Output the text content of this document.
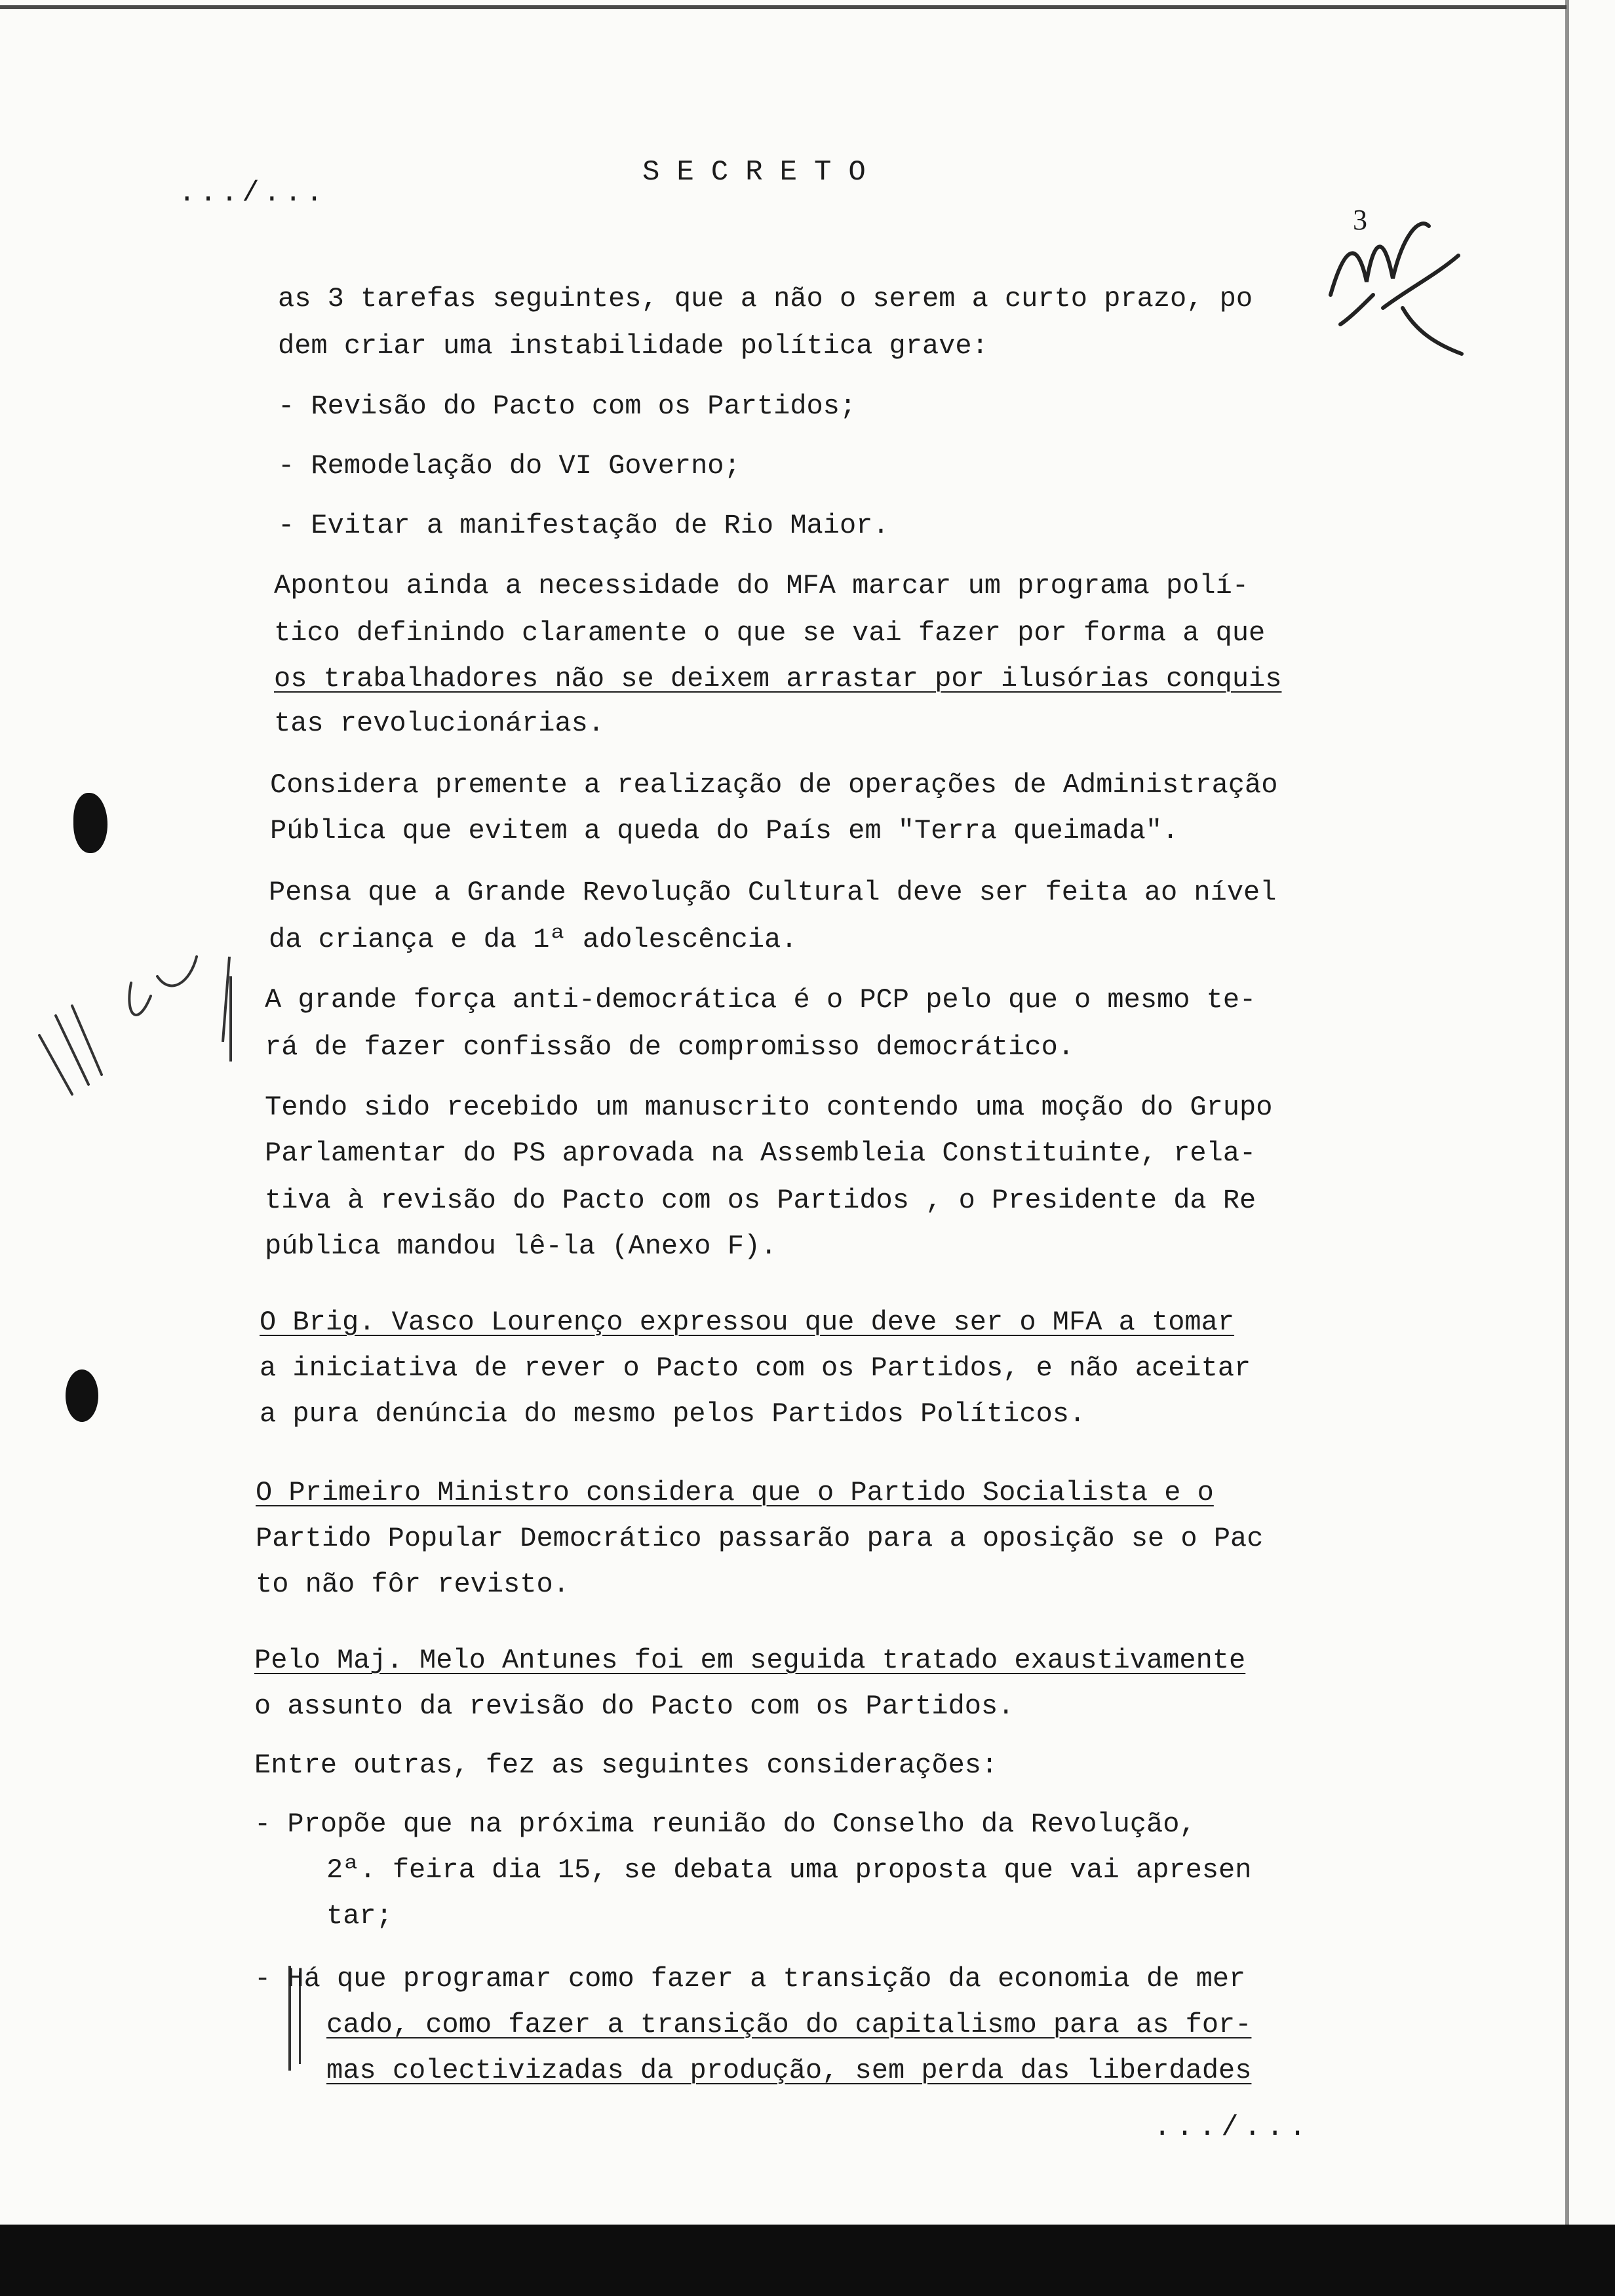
.../...
SECRETO
3
as 3 tarefas seguintes, que a não o serem a curto prazo, po
dem criar uma instabilidade política grave:
- Revisão do Pacto com os Partidos;
- Remodelação do VI Governo;
- Evitar a manifestação de Rio Maior.
Apontou ainda a necessidade do MFA marcar um programa polí-
tico definindo claramente o que se vai fazer por forma a que
os trabalhadores não se deixem arrastar por ilusórias conquis
tas revolucionárias.
Considera premente a realização de operações de Administração
Pública que evitem a queda do País em "Terra queimada".
Pensa que a Grande Revolução Cultural deve ser feita ao nível
da criança e da 1ª adolescência.
A grande força anti-democrática é o PCP pelo que o mesmo te-
rá de fazer confissão de compromisso democrático.
Tendo sido recebido um manuscrito contendo uma moção do Grupo
Parlamentar do PS aprovada na Assembleia Constituinte, rela-
tiva à revisão do Pacto com os Partidos , o Presidente da Re
pública mandou lê-la (Anexo F).
O Brig. Vasco Lourenço expressou que deve ser o MFA a tomar
a iniciativa de rever o Pacto com os Partidos, e não aceitar
a pura denúncia do mesmo pelos Partidos Políticos.
O Primeiro Ministro considera que o Partido Socialista e o
Partido Popular Democrático passarão para a oposição se o Pac
to não fôr revisto.
Pelo Maj. Melo Antunes foi em seguida tratado exaustivamente
o assunto da revisão do Pacto com os Partidos.
Entre outras, fez as seguintes considerações:
- Propõe que na próxima reunião do Conselho da Revolução,
2ª. feira dia 15, se debata uma proposta que vai apresen
tar;
- Há que programar como fazer a transição da economia de mer
cado, como fazer a transição do capitalismo para as for-
mas colectivizadas da produção, sem perda das liberdades
.../...
